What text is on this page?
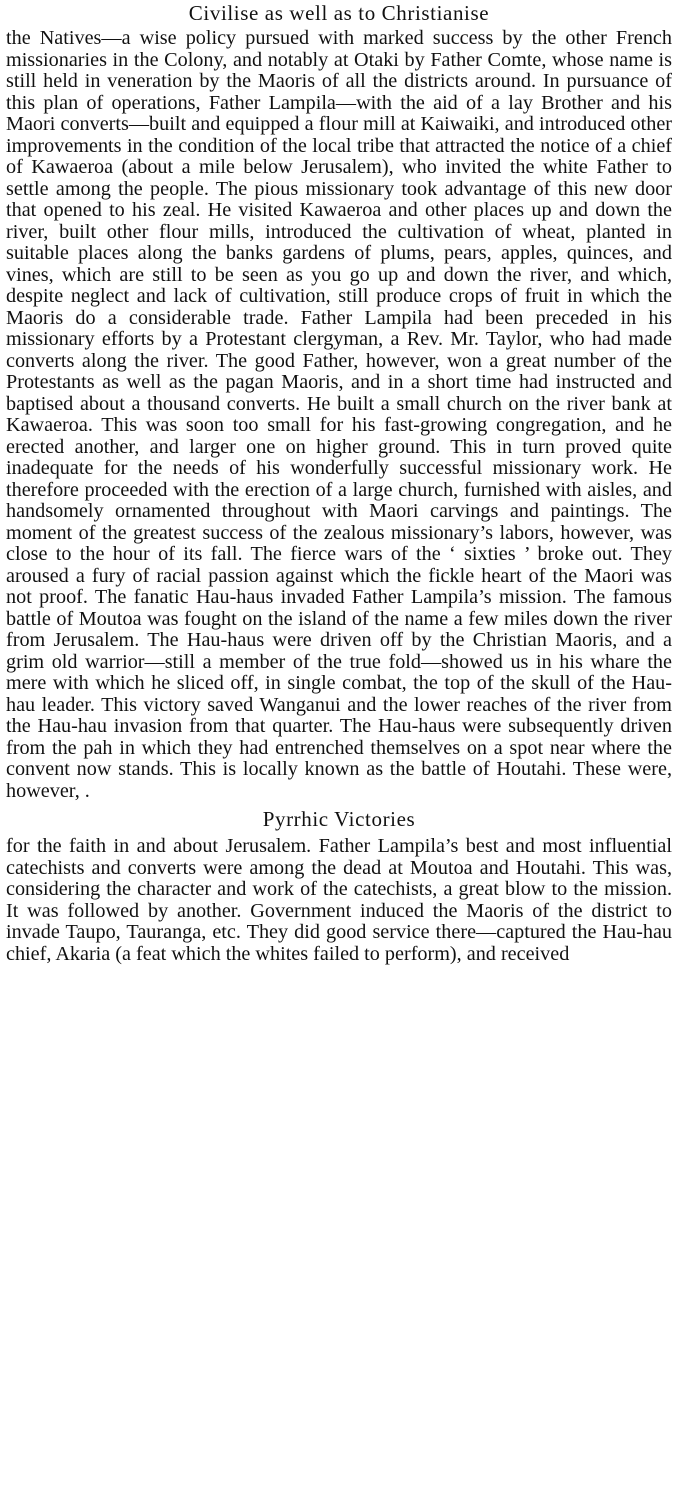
Civilise as well as to Christianise

the Natives—a wise policy pursued with marked success by the other French missionaries in the Colony, and notably at Otaki by Father Comte, whose name is still held in veneration by the Maoris of all the districts around. In pursuance of this plan of operations, Father Lampila—with the aid of a lay Brother and his Maori converts—built and equipped a flour mill at Kaiwaiki, and introduced other improvements in the condition of the local tribe that attracted the notice of a chief of Kawaeroa (about a mile below Jerusalem), who invited the white Father to settle among the people. The pious missionary took advantage of this new door that opened to his zeal. He visited Kawaeroa and other places up and down the river, built other flour mills, introduced the cultivation of wheat, planted in suitable places along the banks gardens of plums, pears, apples, quinces, and vines, which are still to be seen as you go up and down the river, and which, despite neglect and lack of cultivation, still produce crops of fruit in which the Maoris do a considerable trade. Father Lampila had been preceded in his missionary efforts by a Protestant clergyman, a Rev. Mr. Taylor, who had made converts along the river. The good Father, however, won a great number of the Protestants as well as the pagan Maoris, and in a short time had instructed and baptised about a thousand converts. He built a small church on the river bank at Kawaeroa. This was soon too small for his fast-growing congregation, and he erected another, and larger one on higher ground. This in turn proved quite inadequate for the needs of his wonderfully successful missionary work. He therefore proceeded with the erection of a large church, furnished with aisles, and handsomely ornamented throughout with Maori carvings and paintings. The moment of the greatest success of the zealous missionary’s labors, however, was close to the hour of its fall. The fierce wars of the ‘ sixties ’ broke out. They aroused a fury of racial passion against which the fickle heart of the Maori was not proof. The fanatic Hau-haus invaded Father Lampila’s mission. The famous battle of Moutoa was fought on the island of the name a few miles down the river from Jerusalem. The Hau-haus were driven off by the Christian Maoris, and a grim old warrior—still a member of the true fold—showed us in his whare the mere with which he sliced off, in single combat, the top of the skull of the Hau-hau leader. This victory saved Wanganui and the lower reaches of the river from the Hau-hau invasion from that quarter. The Hau-haus were subsequently driven from the pah in which they had entrenched themselves on a spot near where the convent now stands. This is locally known as the battle of Houtahi. These were, however, .

Pyrrhic Victories

for the faith in and about Jerusalem. Father Lampila’s best and most influential catechists and converts were among the dead at Moutoa and Houtahi. This was, considering the character and work of the catechists, a great blow to the mission. It was followed by another. Government induced the Maoris of the district to invade Taupo, Tauranga, etc. They did good service there—captured the Hau-hau chief, Akaria (a feat which the whites failed to perform), and received
